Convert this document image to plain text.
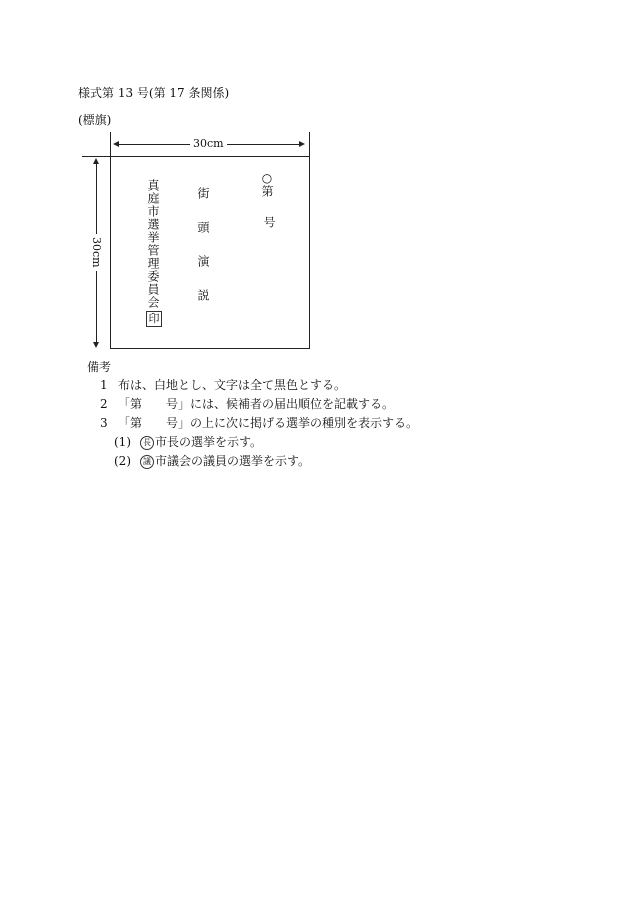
様式第 13 号(第 17 条関係)
(標旗)
30cm
30cm
○第
号
街頭演説
真庭市選挙管理委員会
印
備考
1 布は、白地とし、文字は全て黒色とする。
2 「第　　号」には、候補者の届出順位を記載する。
3 「第　　号」の上に次に掲げる選挙の種別を表示する。
(1)	長 市長の選挙を示す。
(2)	議 市議会の議員の選挙を示す。
